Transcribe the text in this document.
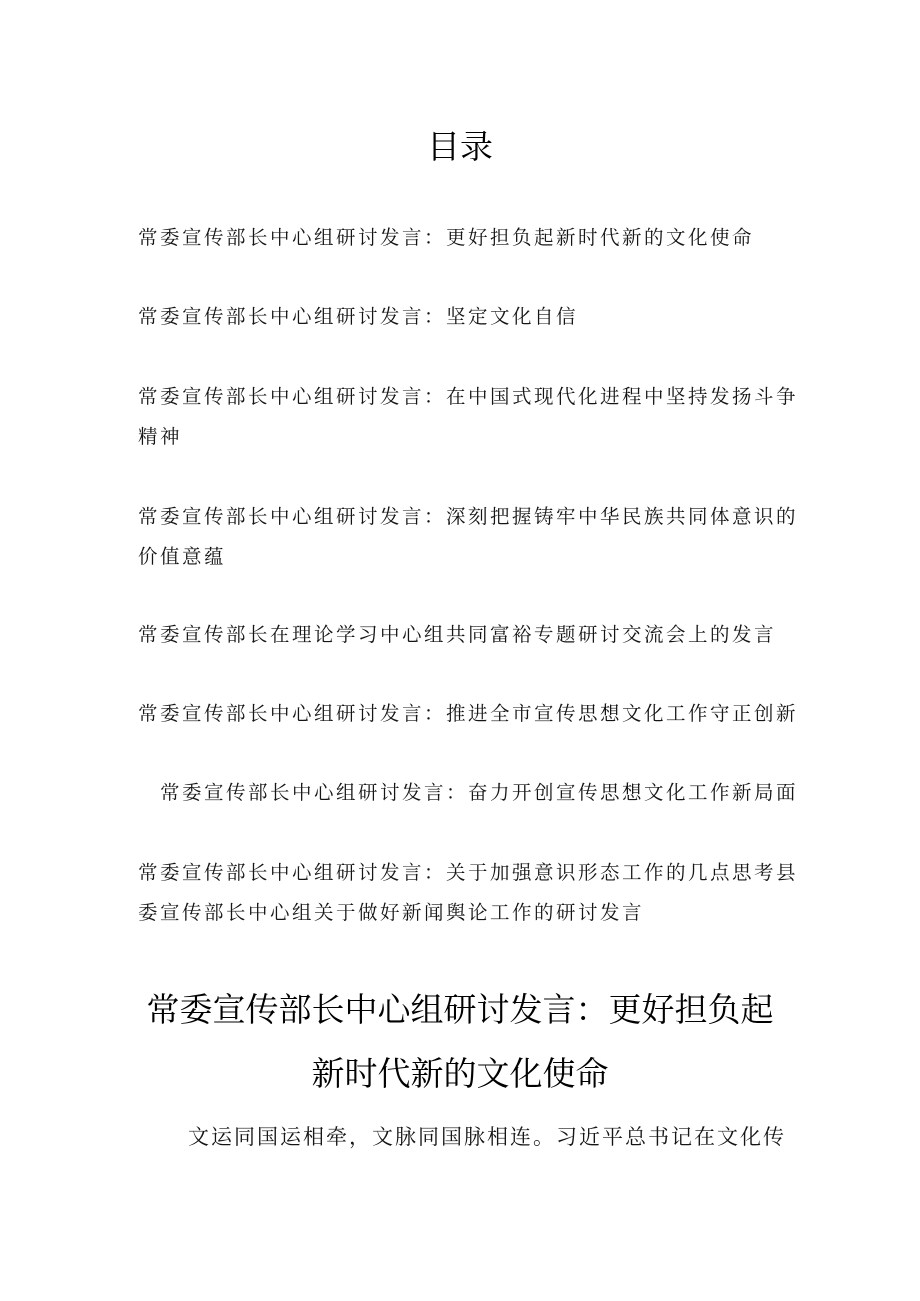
目录

常委宣传部长中心组研讨发言：更好担负起新时代新的文化使命

常委宣传部长中心组研讨发言：坚定文化自信

常委宣传部长中心组研讨发言：在中国式现代化进程中坚持发扬斗争精神

常委宣传部长中心组研讨发言：深刻把握铸牢中华民族共同体意识的价值意蕴

常委宣传部长在理论学习中心组共同富裕专题研讨交流会上的发言

常委宣传部长中心组研讨发言：推进全市宣传思想文化工作守正创新

常委宣传部长中心组研讨发言：奋力开创宣传思想文化工作新局面

常委宣传部长中心组研讨发言：关于加强意识形态工作的几点思考县委宣传部长中心组关于做好新闻舆论工作的研讨发言

常委宣传部长中心组研讨发言：更好担负起
新时代新的文化使命

文运同国运相牵，文脉同国脉相连。习近平总书记在文化传
